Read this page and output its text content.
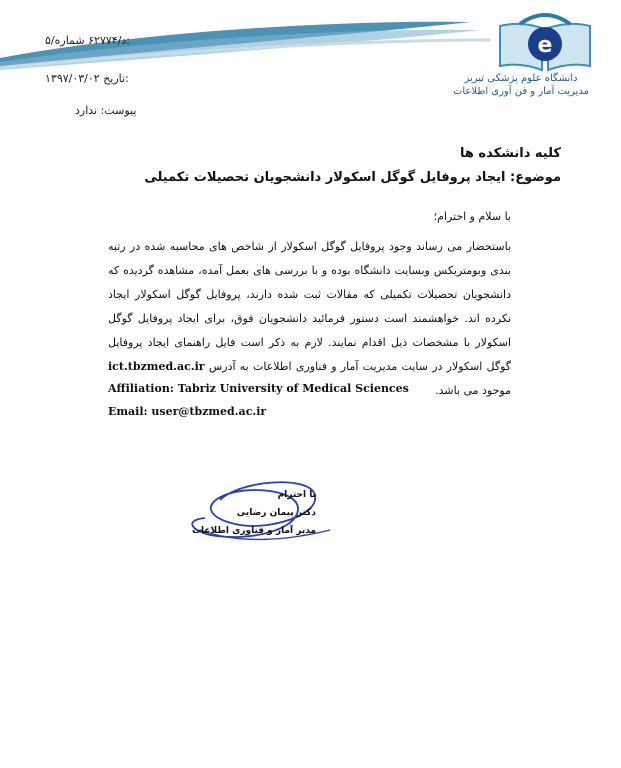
e
دانشگاه علوم پزشکی تبریز
مدیریت آمار و فن آوری اطلاعات
۵/د/۶۲۷۷۴ شماره:
۱۳۹۷/۰۳/۰۲ تاریخ:
پیوست: ندارد
کلیه دانشکده ها
موضوع: ایجاد پروفایل گوگل اسکولار دانشجویان تحصیلات تکمیلی
با سلام و احترام؛
باستحضار می رساند وجود پروفایل گوگل اسکولار از شاخص های محاسبه شده در رتبه بندی وبومتریکس وبسایت دانشگاه بوده و با بررسی های بعمل آمده، مشاهده گردیده که دانشجویان تحصیلات تکمیلی که مقالات ثبت شده دارند، پروفایل گوگل اسکولار ایجاد نکرده اند. خواهشمند است دستور فرمائید دانشجویان فوق، برای ایجاد پروفایل گوگل اسکولار با مشخصات ذیل اقدام نمایند. لازم به ذکر است فایل راهنمای ایجاد پروفایل گوگل اسکولار در سایت مدیریت آمار و فناوری اطلاعات به آدرس ict.tbzmed.ac.ir موجود می باشد.
Affiliation: Tabriz University of Medical Sciences
Email: user@tbzmed.ac.ir
با احترام
دکتر پیمان رضایی
مدیر آمار و فناوری اطلاعات
